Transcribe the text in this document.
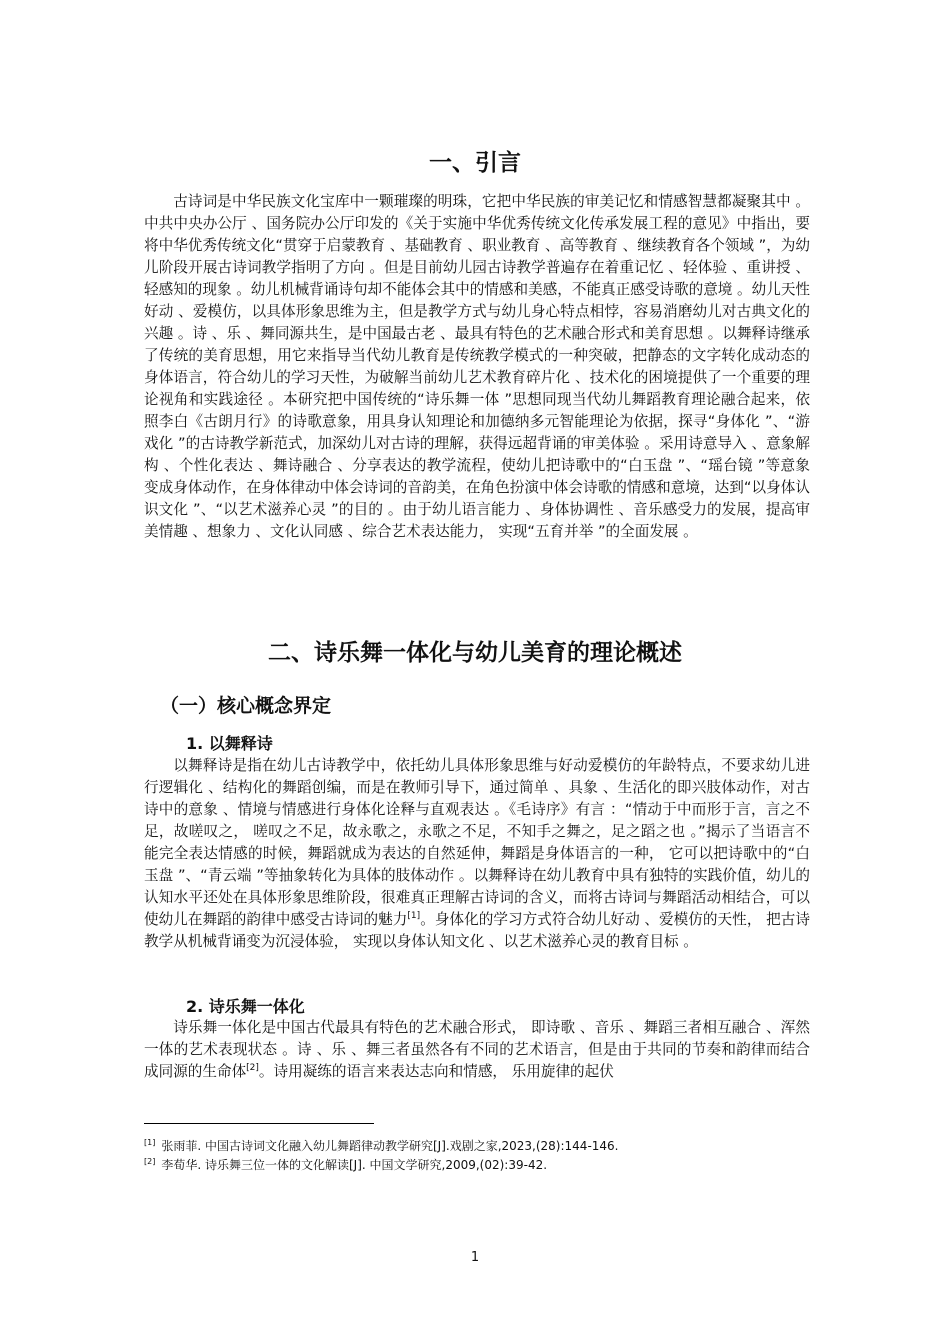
一、引言

古诗词是中华民族文化宝库中一颗璀璨的明珠，它把中华民族的审美记忆和情感智慧都凝聚其中 。中共中央办公厅 、国务院办公厅印发的《关于实施中华优秀传统文化传承发展工程的意见》中指出，要将中华优秀传统文化“贯穿于启蒙教育 、基础教育 、职业教育 、高等教育 、继续教育各个领域 ”，为幼儿阶段开展古诗词教学指明了方向 。但是目前幼儿园古诗教学普遍存在着重记忆 、轻体验 、重讲授 、轻感知的现象 。幼儿机械背诵诗句却不能体会其中的情感和美感，不能真正感受诗歌的意境 。幼儿天性好动 、爱模仿，以具体形象思维为主，但是教学方式与幼儿身心特点相悖，容易消磨幼儿对古典文化的兴趣 。诗 、乐 、舞同源共生，是中国最古老 、最具有特色的艺术融合形式和美育思想 。以舞释诗继承了传统的美育思想，用它来指导当代幼儿教育是传统教学模式的一种突破，把静态的文字转化成动态的身体语言，符合幼儿的学习天性，为破解当前幼儿艺术教育碎片化 、技术化的困境提供了一个重要的理论视角和实践途径 。本研究把中国传统的“诗乐舞一体 ”思想同现当代幼儿舞蹈教育理论融合起来，依照李白《古朗月行》的诗歌意象，用具身认知理论和加德纳多元智能理论为依据，探寻“身体化 ”、“游戏化 ”的古诗教学新范式，加深幼儿对古诗的理解，获得远超背诵的审美体验 。采用诗意导入 、意象解构 、个性化表达 、舞诗融合 、分享表达的教学流程，使幼儿把诗歌中的“白玉盘 ”、“瑶台镜 ”等意象变成身体动作，在身体律动中体会诗词的音韵美，在角色扮演中体会诗歌的情感和意境，达到“以身体认识文化 ”、“以艺术滋养心灵 ”的目的 。由于幼儿语言能力 、身体协调性 、音乐感受力的发展，提高审美情趣 、想象力 、文化认同感 、综合艺术表达能力， 实现“五育并举 ”的全面发展 。

二、诗乐舞一体化与幼儿美育的理论概述
（一）核心概念界定
1. 以舞释诗

以舞释诗是指在幼儿古诗教学中，依托幼儿具体形象思维与好动爱模仿的年龄特点，不要求幼儿进行逻辑化 、结构化的舞蹈创编，而是在教师引导下，通过简单 、具象 、生活化的即兴肢体动作，对古诗中的意象 、情境与情感进行身体化诠释与直观表达 。《毛诗序》有言 ：“情动于中而形于言，言之不足，故嗟叹之， 嗟叹之不足，故永歌之，永歌之不足，不知手之舞之，足之蹈之也 。”揭示了当语言不能完全表达情感的时候，舞蹈就成为表达的自然延伸，舞蹈是身体语言的一种， 它可以把诗歌中的“白玉盘 ”、“青云端 ”等抽象转化为具体的肢体动作 。以舞释诗在幼儿教育中具有独特的实践价值，幼儿的认知水平还处在具体形象思维阶段，很难真正理解古诗词的含义，而将古诗词与舞蹈活动相结合，可以使幼儿在舞蹈的韵律中感受古诗词的魅力[1]。身体化的学习方式符合幼儿好动 、爱模仿的天性， 把古诗教学从机械背诵变为沉浸体验， 实现以身体认知文化 、以艺术滋养心灵的教育目标 。

2. 诗乐舞一体化

诗乐舞一体化是中国古代最具有特色的艺术融合形式， 即诗歌 、音乐 、舞蹈三者相互融合 、浑然一体的艺术表现状态 。诗 、乐 、舞三者虽然各有不同的艺术语言，但是由于共同的节奏和韵律而结合成同源的生命体[2]。诗用凝练的语言来表达志向和情感， 乐用旋律的起伏

[1] 张雨菲. 中国古诗词文化融入幼儿舞蹈律动教学研究[J].戏剧之家,2023,(28):144-146.

[2] 李荀华. 诗乐舞三位一体的文化解读[J]. 中国文学研究,2009,(02):39-42.

1
